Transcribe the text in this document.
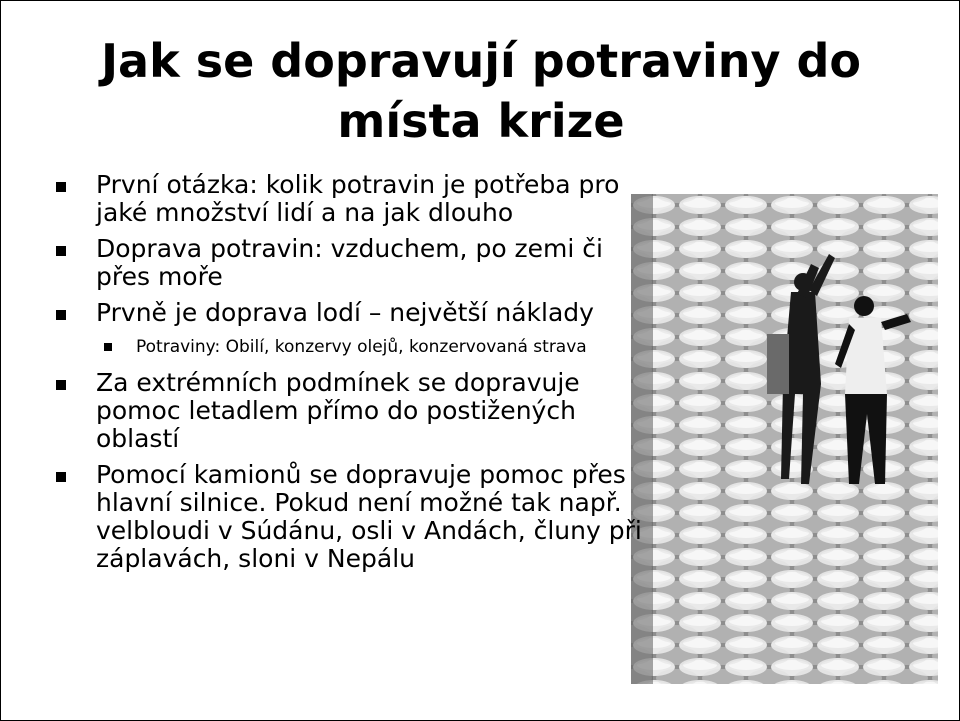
Jak se dopravují potraviny do
místa krize
První otázka: kolik potravin je potřeba pro jaké množství lidí a na jak dlouho
Doprava potravin: vzduchem, po zemi či přes moře
Prvně je doprava lodí – největší náklady
Potraviny: Obilí, konzervy olejů, konzervovaná strava
Za extrémních podmínek se dopravuje pomoc letadlem přímo do postižených oblastí
Pomocí kamionů se dopravuje pomoc přes hlavní silnice. Pokud není možné tak např. velbloudi v Súdánu, osli v Andách, čluny při záplavách, sloni v Nepálu
